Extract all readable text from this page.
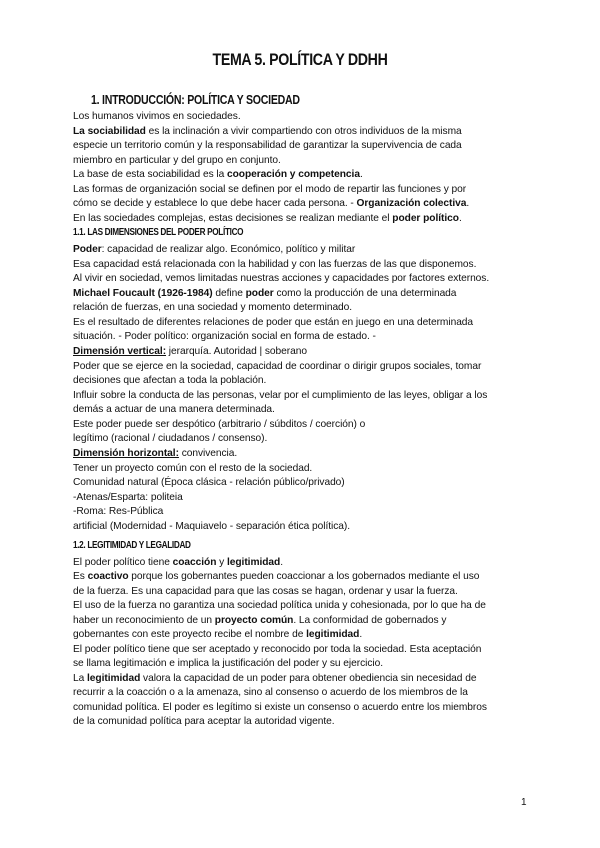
TEMA 5. POLÍTICA Y DDHH
1. INTRODUCCIÓN: POLÍTICA Y SOCIEDAD
Los humanos vivimos en sociedades.
La sociabilidad es la inclinación a vivir compartiendo con otros individuos de la misma
especie un territorio común y la responsabilidad de garantizar la supervivencia de cada
miembro en particular y del grupo en conjunto.
La base de esta sociabilidad es la cooperación y competencia.
Las formas de organización social se definen por el modo de repartir las funciones y por
cómo se decide y establece lo que debe hacer cada persona. - Organización colectiva.
En las sociedades complejas, estas decisiones se realizan mediante el poder político.
1.1. LAS DIMENSIONES DEL PODER POLÍTICO
Poder: capacidad de realizar algo. Económico, político y militar
Esa capacidad está relacionada con la habilidad y con las fuerzas de las que disponemos.
Al vivir en sociedad, vemos limitadas nuestras acciones y capacidades por factores externos.
Michael Foucault (1926-1984) define poder como la producción de una determinada
relación de fuerzas, en una sociedad y momento determinado.
Es el resultado de diferentes relaciones de poder que están en juego en una determinada
situación. - Poder político: organización social en forma de estado. -
Dimensión vertical: jerarquía. Autoridad | soberano
Poder que se ejerce en la sociedad, capacidad de coordinar o dirigir grupos sociales, tomar
decisiones que afectan a toda la población.
Influir sobre la conducta de las personas, velar por el cumplimiento de las leyes, obligar a los
demás a actuar de una manera determinada.
Este poder puede ser despótico (arbitrario / súbditos / coerción) o
legítimo (racional / ciudadanos / consenso).
Dimensión horizontal: convivencia.
Tener un proyecto común con el resto de la sociedad.
Comunidad natural (Época clásica - relación público/privado)
-Atenas/Esparta: politeia
-Roma: Res-Pública
artificial (Modernidad - Maquiavelo - separación ética política).
1.2. LEGITIMIDAD Y LEGALIDAD
El poder político tiene coacción y legitimidad.
Es coactivo porque los gobernantes pueden coaccionar a los gobernados mediante el uso
de la fuerza. Es una capacidad para que las cosas se hagan, ordenar y usar la fuerza.
El uso de la fuerza no garantiza una sociedad política unida y cohesionada, por lo que ha de
haber un reconocimiento de un proyecto común. La conformidad de gobernados y
gobernantes con este proyecto recibe el nombre de legitimidad.
El poder político tiene que ser aceptado y reconocido por toda la sociedad. Esta aceptación
se llama legitimación e implica la justificación del poder y su ejercicio.
La legitimidad valora la capacidad de un poder para obtener obediencia sin necesidad de
recurrir a la coacción o a la amenaza, sino al consenso o acuerdo de los miembros de la
comunidad política. El poder es legítimo si existe un consenso o acuerdo entre los miembros
de la comunidad política para aceptar la autoridad vigente.
1
